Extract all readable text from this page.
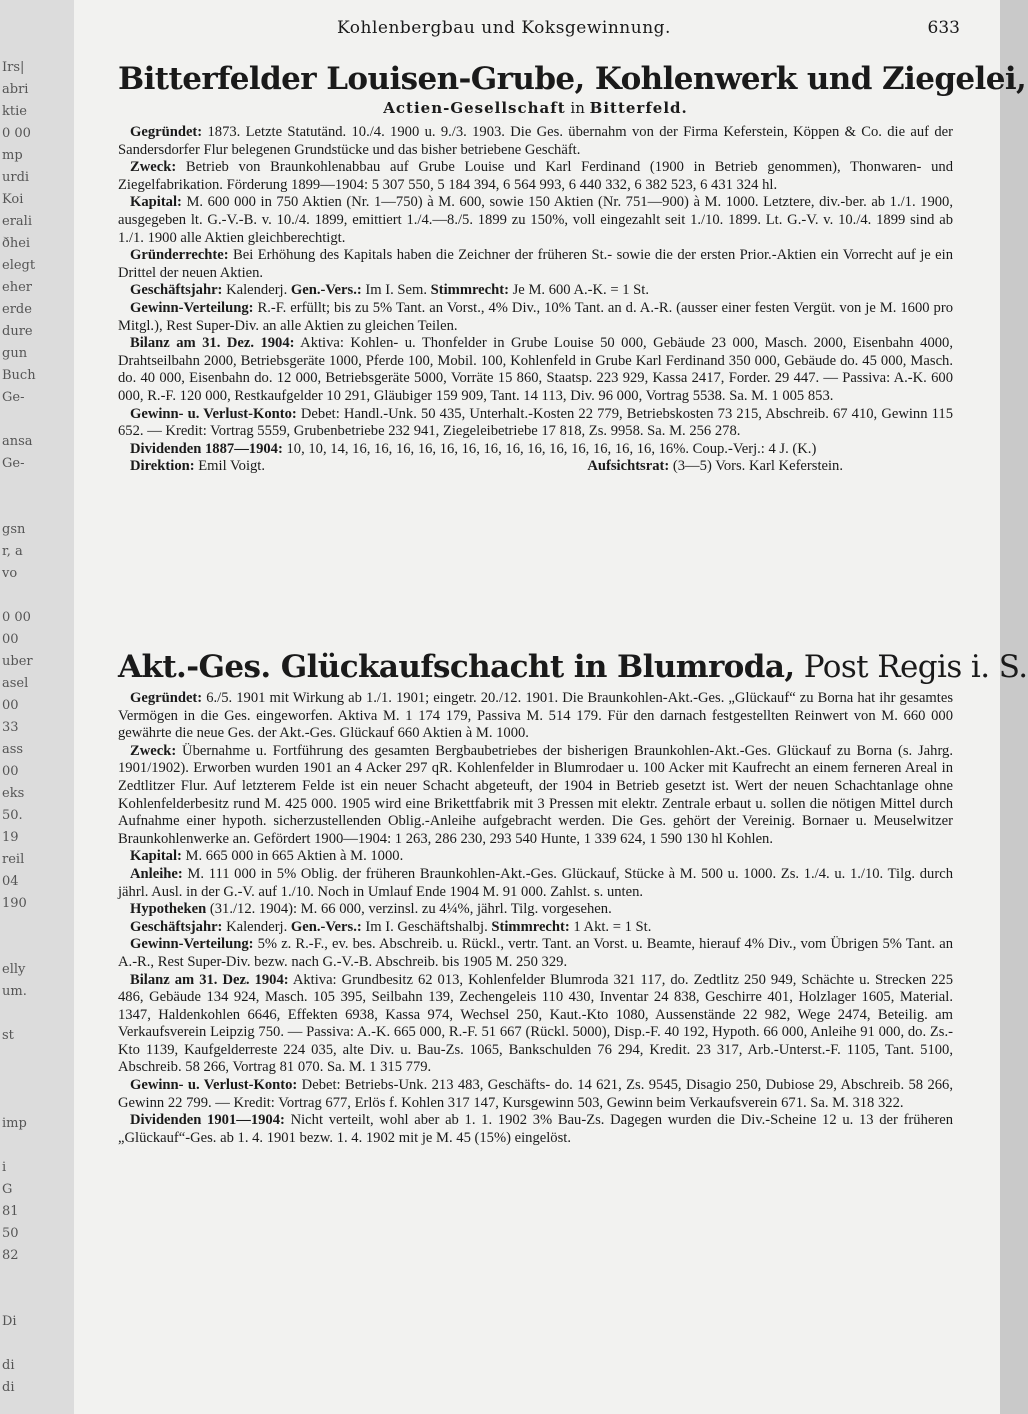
Irs|
abri
ktie
0 00
mp
urdi
Koi
erali
ðhei
elegt
eher
erde
dure
gun
Buch
Ge-
ansa
Ge-
gsn
r, a
vo
0 00
00
uber
asel
00
33
ass
00
eks
50.
19
reil
04
190
elly
um.
st
imp
i
G
81
50
82
Di
di
di
Kohlenbergbau und Koksgewinnung.	633
Bitterfelder Louisen-Grube, Kohlenwerk und Ziegelei,

Actien-Gesellschaft in Bitterfeld.

Gegründet: 1873. Letzte Statutänd. 10./4. 1900 u. 9./3. 1903. Die Ges. übernahm von der Firma Keferstein, Köppen & Co. die auf der Sandersdorfer Flur belegenen Grundstücke und das bisher betriebene Geschäft.

Zweck: Betrieb von Braunkohlenabbau auf Grube Louise und Karl Ferdinand (1900 in Betrieb genommen), Thonwaren- und Ziegelfabrikation. Förderung 1899—1904: 5 307 550, 5 184 394, 6 564 993, 6 440 332, 6 382 523, 6 431 324 hl.

Kapital: M. 600 000 in 750 Aktien (Nr. 1—750) à M. 600, sowie 150 Aktien (Nr. 751—900) à M. 1000. Letztere, div.-ber. ab 1./1. 1900, ausgegeben lt. G.-V.-B. v. 10./4. 1899, emittiert 1./4.—8./5. 1899 zu 150%, voll eingezahlt seit 1./10. 1899. Lt. G.-V. v. 10./4. 1899 sind ab 1./1. 1900 alle Aktien gleichberechtigt.

Gründerrechte: Bei Erhöhung des Kapitals haben die Zeichner der früheren St.- sowie die der ersten Prior.-Aktien ein Vorrecht auf je ein Drittel der neuen Aktien.

Geschäftsjahr: Kalenderj. Gen.-Vers.: Im I. Sem. Stimmrecht: Je M. 600 A.-K. = 1 St.

Gewinn-Verteilung: R.-F. erfüllt; bis zu 5% Tant. an Vorst., 4% Div., 10% Tant. an d. A.-R. (ausser einer festen Vergüt. von je M. 1600 pro Mitgl.), Rest Super-Div. an alle Aktien zu gleichen Teilen.

Bilanz am 31. Dez. 1904: Aktiva: Kohlen- u. Thonfelder in Grube Louise 50 000, Gebäude 23 000, Masch. 2000, Eisenbahn 4000, Drahtseilbahn 2000, Betriebsgeräte 1000, Pferde 100, Mobil. 100, Kohlenfeld in Grube Karl Ferdinand 350 000, Gebäude do. 45 000, Masch. do. 40 000, Eisenbahn do. 12 000, Betriebsgeräte 5000, Vorräte 15 860, Staatsp. 223 929, Kassa 2417, Forder. 29 447. — Passiva: A.-K. 600 000, R.-F. 120 000, Restkaufgelder 10 291, Gläubiger 159 909, Tant. 14 113, Div. 96 000, Vortrag 5538. Sa. M. 1 005 853.

Gewinn- u. Verlust-Konto: Debet: Handl.-Unk. 50 435, Unterhalt.-Kosten 22 779, Betriebskosten 73 215, Abschreib. 67 410, Gewinn 115 652. — Kredit: Vortrag 5559, Grubenbetriebe 232 941, Ziegeleibetriebe 17 818, Zs. 9958. Sa. M. 256 278.

Dividenden 1887—1904: 10, 10, 14, 16, 16, 16, 16, 16, 16, 16, 16, 16, 16, 16, 16, 16, 16, 16%. Coup.-Verj.: 4 J. (K.)

Direktion: Emil Voigt.	Aufsichtsrat: (3—5) Vors. Karl Keferstein.

Akt.-Ges. Glückaufschacht in Blumroda, Post Regis i. S.

Gegründet: 6./5. 1901 mit Wirkung ab 1./1. 1901; eingetr. 20./12. 1901. Die Braunkohlen-Akt.-Ges. „Glückauf“ zu Borna hat ihr gesamtes Vermögen in die Ges. eingeworfen. Aktiva M. 1 174 179, Passiva M. 514 179. Für den darnach festgestellten Reinwert von M. 660 000 gewährte die neue Ges. der Akt.-Ges. Glückauf 660 Aktien à M. 1000.

Zweck: Übernahme u. Fortführung des gesamten Bergbaubetriebes der bisherigen Braunkohlen-Akt.-Ges. Glückauf zu Borna (s. Jahrg. 1901/1902). Erworben wurden 1901 an 4 Acker 297 qR. Kohlenfelder in Blumrodaer u. 100 Acker mit Kaufrecht an einem ferneren Areal in Zedtlitzer Flur. Auf letzterem Felde ist ein neuer Schacht abgeteuft, der 1904 in Betrieb gesetzt ist. Wert der neuen Schachtanlage ohne Kohlenfelderbesitz rund M. 425 000. 1905 wird eine Brikettfabrik mit 3 Pressen mit elektr. Zentrale erbaut u. sollen die nötigen Mittel durch Aufnahme einer hypoth. sicherzustellenden Oblig.-Anleihe aufgebracht werden. Die Ges. gehört der Vereinig. Bornaer u. Meuselwitzer Braunkohlenwerke an. Gefördert 1900—1904: 1 263, 286 230, 293 540 Hunte, 1 339 624, 1 590 130 hl Kohlen.

Kapital: M. 665 000 in 665 Aktien à M. 1000.

Anleihe: M. 111 000 in 5% Oblig. der früheren Braunkohlen-Akt.-Ges. Glückauf, Stücke à M. 500 u. 1000. Zs. 1./4. u. 1./10. Tilg. durch jährl. Ausl. in der G.-V. auf 1./10. Noch in Umlauf Ende 1904 M. 91 000. Zahlst. s. unten.

Hypotheken (31./12. 1904): M. 66 000, verzinsl. zu 4¼%, jährl. Tilg. vorgesehen.

Geschäftsjahr: Kalenderj. Gen.-Vers.: Im I. Geschäftshalbj. Stimmrecht: 1 Akt. = 1 St.

Gewinn-Verteilung: 5% z. R.-F., ev. bes. Abschreib. u. Rückl., vertr. Tant. an Vorst. u. Beamte, hierauf 4% Div., vom Übrigen 5% Tant. an A.-R., Rest Super-Div. bezw. nach G.-V.-B. Abschreib. bis 1905 M. 250 329.

Bilanz am 31. Dez. 1904: Aktiva: Grundbesitz 62 013, Kohlenfelder Blumroda 321 117, do. Zedtlitz 250 949, Schächte u. Strecken 225 486, Gebäude 134 924, Masch. 105 395, Seilbahn 139, Zechengeleis 110 430, Inventar 24 838, Geschirre 401, Holzlager 1605, Material. 1347, Haldenkohlen 6646, Effekten 6938, Kassa 974, Wechsel 250, Kaut.-Kto 1080, Aussenstände 22 982, Wege 2474, Beteilig. am Verkaufsverein Leipzig 750. — Passiva: A.-K. 665 000, R.-F. 51 667 (Rückl. 5000), Disp.-F. 40 192, Hypoth. 66 000, Anleihe 91 000, do. Zs.-Kto 1139, Kaufgelderreste 224 035, alte Div. u. Bau-Zs. 1065, Bankschulden 76 294, Kredit. 23 317, Arb.-Unterst.-F. 1105, Tant. 5100, Abschreib. 58 266, Vortrag 81 070. Sa. M. 1 315 779.

Gewinn- u. Verlust-Konto: Debet: Betriebs-Unk. 213 483, Geschäfts- do. 14 621, Zs. 9545, Disagio 250, Dubiose 29, Abschreib. 58 266, Gewinn 22 799. — Kredit: Vortrag 677, Erlös f. Kohlen 317 147, Kursgewinn 503, Gewinn beim Verkaufsverein 671. Sa. M. 318 322.

Dividenden 1901—1904: Nicht verteilt, wohl aber ab 1. 1. 1902 3% Bau-Zs. Dagegen wurden die Div.-Scheine 12 u. 13 der früheren „Glückauf“-Ges. ab 1. 4. 1901 bezw. 1. 4. 1902 mit je M. 45 (15%) eingelöst.
